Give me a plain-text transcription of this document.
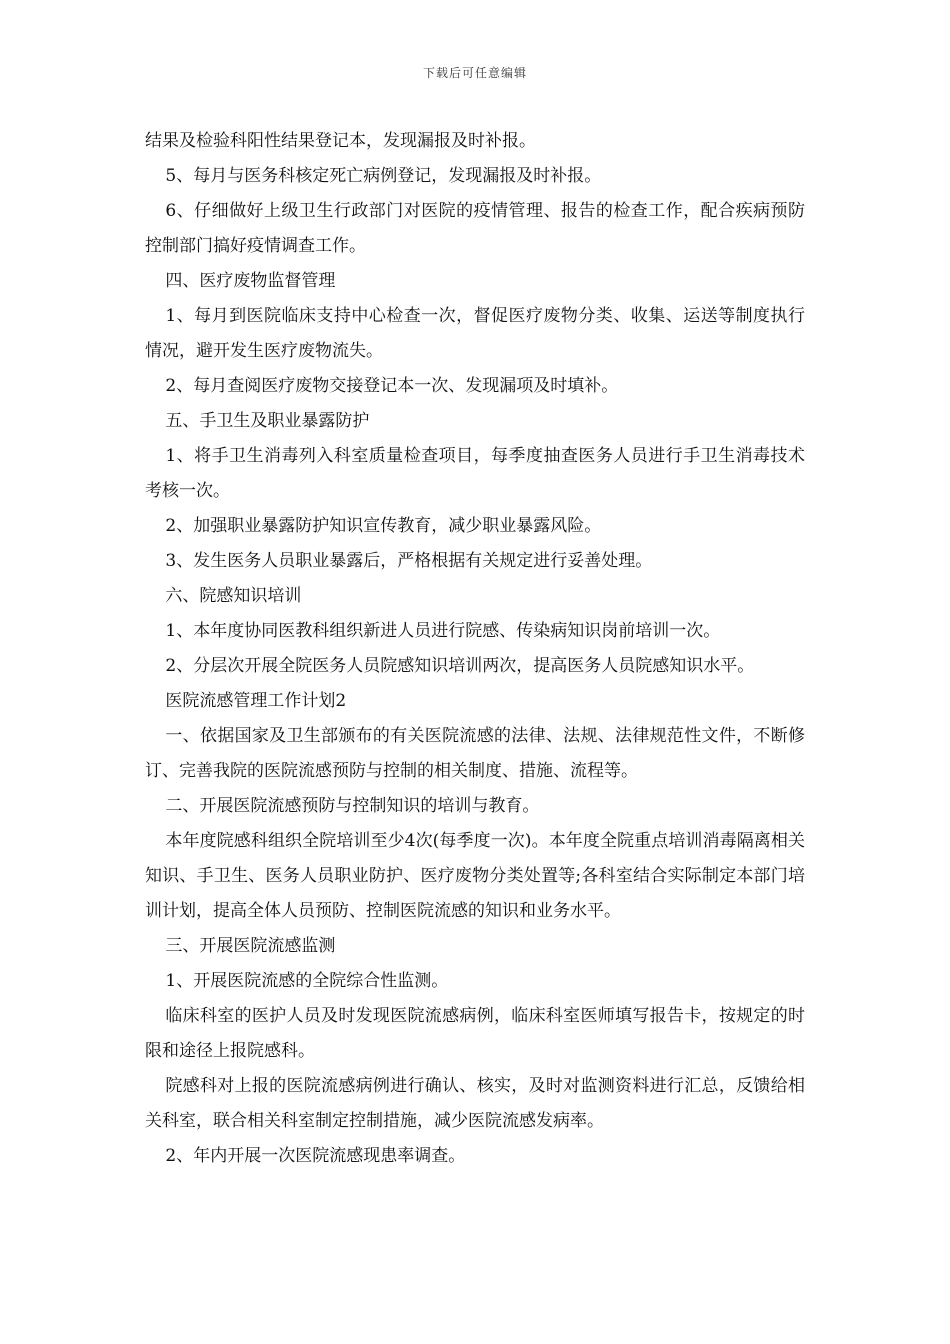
下载后可任意编辑

结果及检验科阳性结果登记本，发现漏报及时补报。

5、每月与医务科核定死亡病例登记，发现漏报及时补报。

6、仔细做好上级卫生行政部门对医院的疫情管理、报告的检查工作，配合疾病预防控制部门搞好疫情调查工作。

四、医疗废物监督管理

1、每月到医院临床支持中心检查一次，督促医疗废物分类、收集、运送等制度执行情况，避开发生医疗废物流失。

2、每月查阅医疗废物交接登记本一次、发现漏项及时填补。

五、手卫生及职业暴露防护

1、将手卫生消毒列入科室质量检查项目，每季度抽查医务人员进行手卫生消毒技术考核一次。

2、加强职业暴露防护知识宣传教育，减少职业暴露风险。

3、发生医务人员职业暴露后，严格根据有关规定进行妥善处理。

六、院感知识培训

1、本年度协同医教科组织新进人员进行院感、传染病知识岗前培训一次。

2、分层次开展全院医务人员院感知识培训两次，提高医务人员院感知识水平。

医院流感管理工作计划2

一、依据国家及卫生部颁布的有关医院流感的法律、法规、法律规范性文件，不断修订、完善我院的医院流感预防与控制的相关制度、措施、流程等。

二、开展医院流感预防与控制知识的培训与教育。

本年度院感科组织全院培训至少4次(每季度一次)。本年度全院重点培训消毒隔离相关知识、手卫生、医务人员职业防护、医疗废物分类处置等;各科室结合实际制定本部门培训计划，提高全体人员预防、控制医院流感的知识和业务水平。

三、开展医院流感监测

1、开展医院流感的全院综合性监测。

临床科室的医护人员及时发现医院流感病例，临床科室医师填写报告卡，按规定的时限和途径上报院感科。

院感科对上报的医院流感病例进行确认、核实，及时对监测资料进行汇总，反馈给相关科室，联合相关科室制定控制措施，减少医院流感发病率。

2、年内开展一次医院流感现患率调查。
